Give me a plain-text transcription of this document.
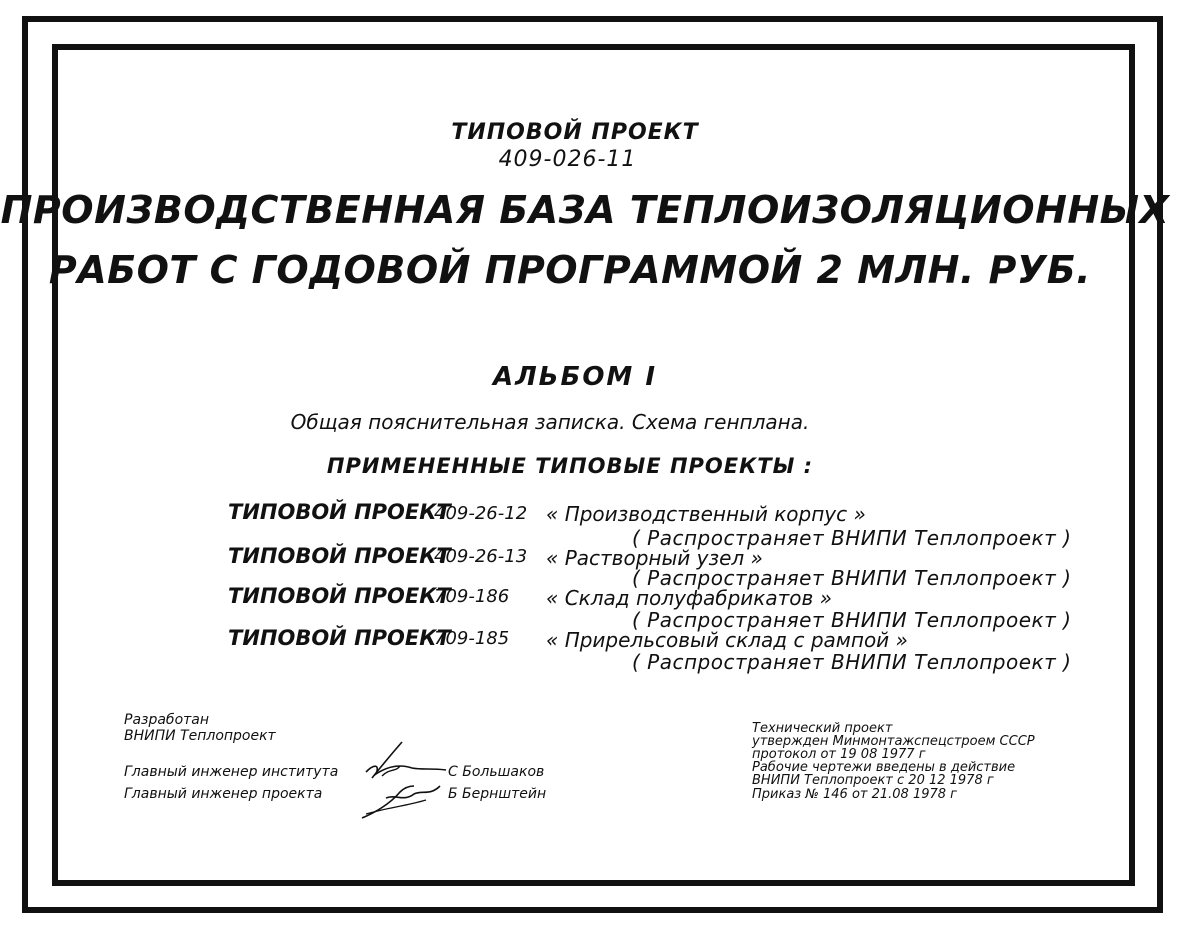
ТИПОВОЙ ПРОЕКТ
409-026-11
ПРОИЗВОДСТВЕННАЯ БАЗА ТЕПЛОИЗОЛЯЦИОННЫХ
РАБОТ С ГОДОВОЙ ПРОГРАММОЙ 2 МЛН. РУБ.
АЛЬБОМ I
Общая пояснительная записка. Схема генплана.
ПРИМЕНЕННЫЕ ТИПОВЫЕ ПРОЕКТЫ :
ТИПОВОЙ ПРОЕКТ
409-26-12 « Производственный корпус »
( Распространяет ВНИПИ Теплопроект )
ТИПОВОЙ ПРОЕКТ
409-26-13 « Растворный узел »
( Распространяет ВНИПИ Теплопроект )
ТИПОВОЙ ПРОЕКТ
709-186 « Склад полуфабрикатов »
( Распространяет ВНИПИ Теплопроект )
ТИПОВОЙ ПРОЕКТ
709-185 « Прирельсовый склад с рампой »
( Распространяет ВНИПИ Теплопроект )
Разработан
ВНИПИ Теплопроект
Главный инженер института	С Большаков
Главный инженер проекта	Б Бернштейн
Технический проект
утвержден Минмонтажспецстроем СССР
протокол от 19 08 1977 г
Рабочие чертежи введены в действие
ВНИПИ Теплопроект с 20 12 1978 г
Приказ № 146 от 21.08 1978 г
